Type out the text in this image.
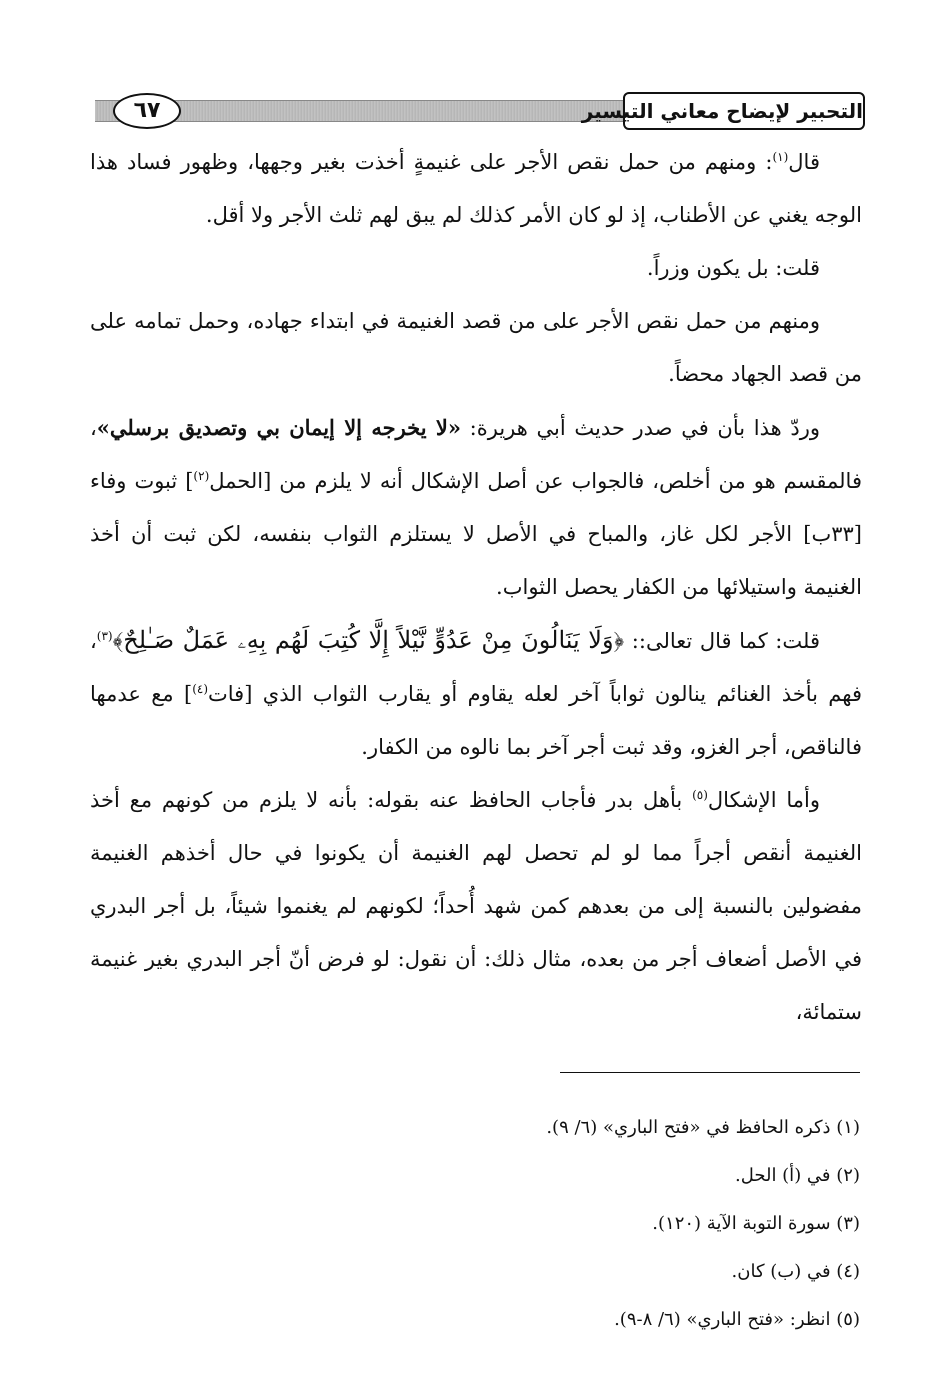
٦٧	التحبير لإيضاح معاني التيسير

قال$^{(١)}$: ومنهم من حمل نقص الأجر على غنيمةٍ أخذت بغير وجهها، وظهور فساد هذا الوجه يغني عن الأطناب، إذ لو كان الأمر كذلك لم يبق لهم ثلث الأجر ولا أقل.

قلت: بل يكون وزراً.

ومنهم من حمل نقص الأجر على من قصد الغنيمة في ابتداء جهاده، وحمل تمامه على من قصد الجهاد محضاً.

وردّ هذا بأن في صدر حديث أبي هريرة: «لا يخرجه إلا إيمان بي وتصديق برسلي»، فالمقسم هو من أخلص، فالجواب عن أصل الإشكال أنه لا يلزم من [الحمل$^{(٢)}$] ثبوت وفاء [٣٣ب] الأجر لكل غاز، والمباح في الأصل لا يستلزم الثواب بنفسه، لكن ثبت أن أخذ الغنيمة واستيلائها من الكفار يحصل الثواب.

قلت: كما قال تعالى:: ﴿وَلَا يَنَالُونَ مِنْ عَدُوٍّ نَّيْلاً إِلَّا كُتِبَ لَهُم بِهِۦ عَمَلٌ صَـٰلِحٌ﴾$^{(٣)}$، فهم بأخذ الغنائم ينالون ثواباً آخر لعله يقاوم أو يقارب الثواب الذي [فات$^{(٤)}$] مع عدمها فالناقص، أجر الغزو، وقد ثبت أجر آخر بما نالوه من الكفار.

وأما الإشكال$^{(٥)}$ بأهل بدر فأجاب الحافظ عنه بقوله: بأنه لا يلزم من كونهم مع أخذ الغنيمة أنقص أجراً مما لو لم تحصل لهم الغنيمة أن يكونوا في حال أخذهم الغنيمة مفضولين بالنسبة إلى من بعدهم كمن شهد أُحداً؛ لكونهم لم يغنموا شيئاً، بل أجر البدري في الأصل أضعاف أجر من بعده، مثال ذلك: أن نقول: لو فرض أنّ أجر البدري بغير غنيمة ستمائة،

(١) ذكره الحافظ في «فتح الباري» (٦/ ٩).
(٢) في (أ) الحل.
(٣) سورة التوبة الآية (١٢٠).
(٤) في (ب) كان.
(٥) انظر: «فتح الباري» (٦/ ٨-٩).
